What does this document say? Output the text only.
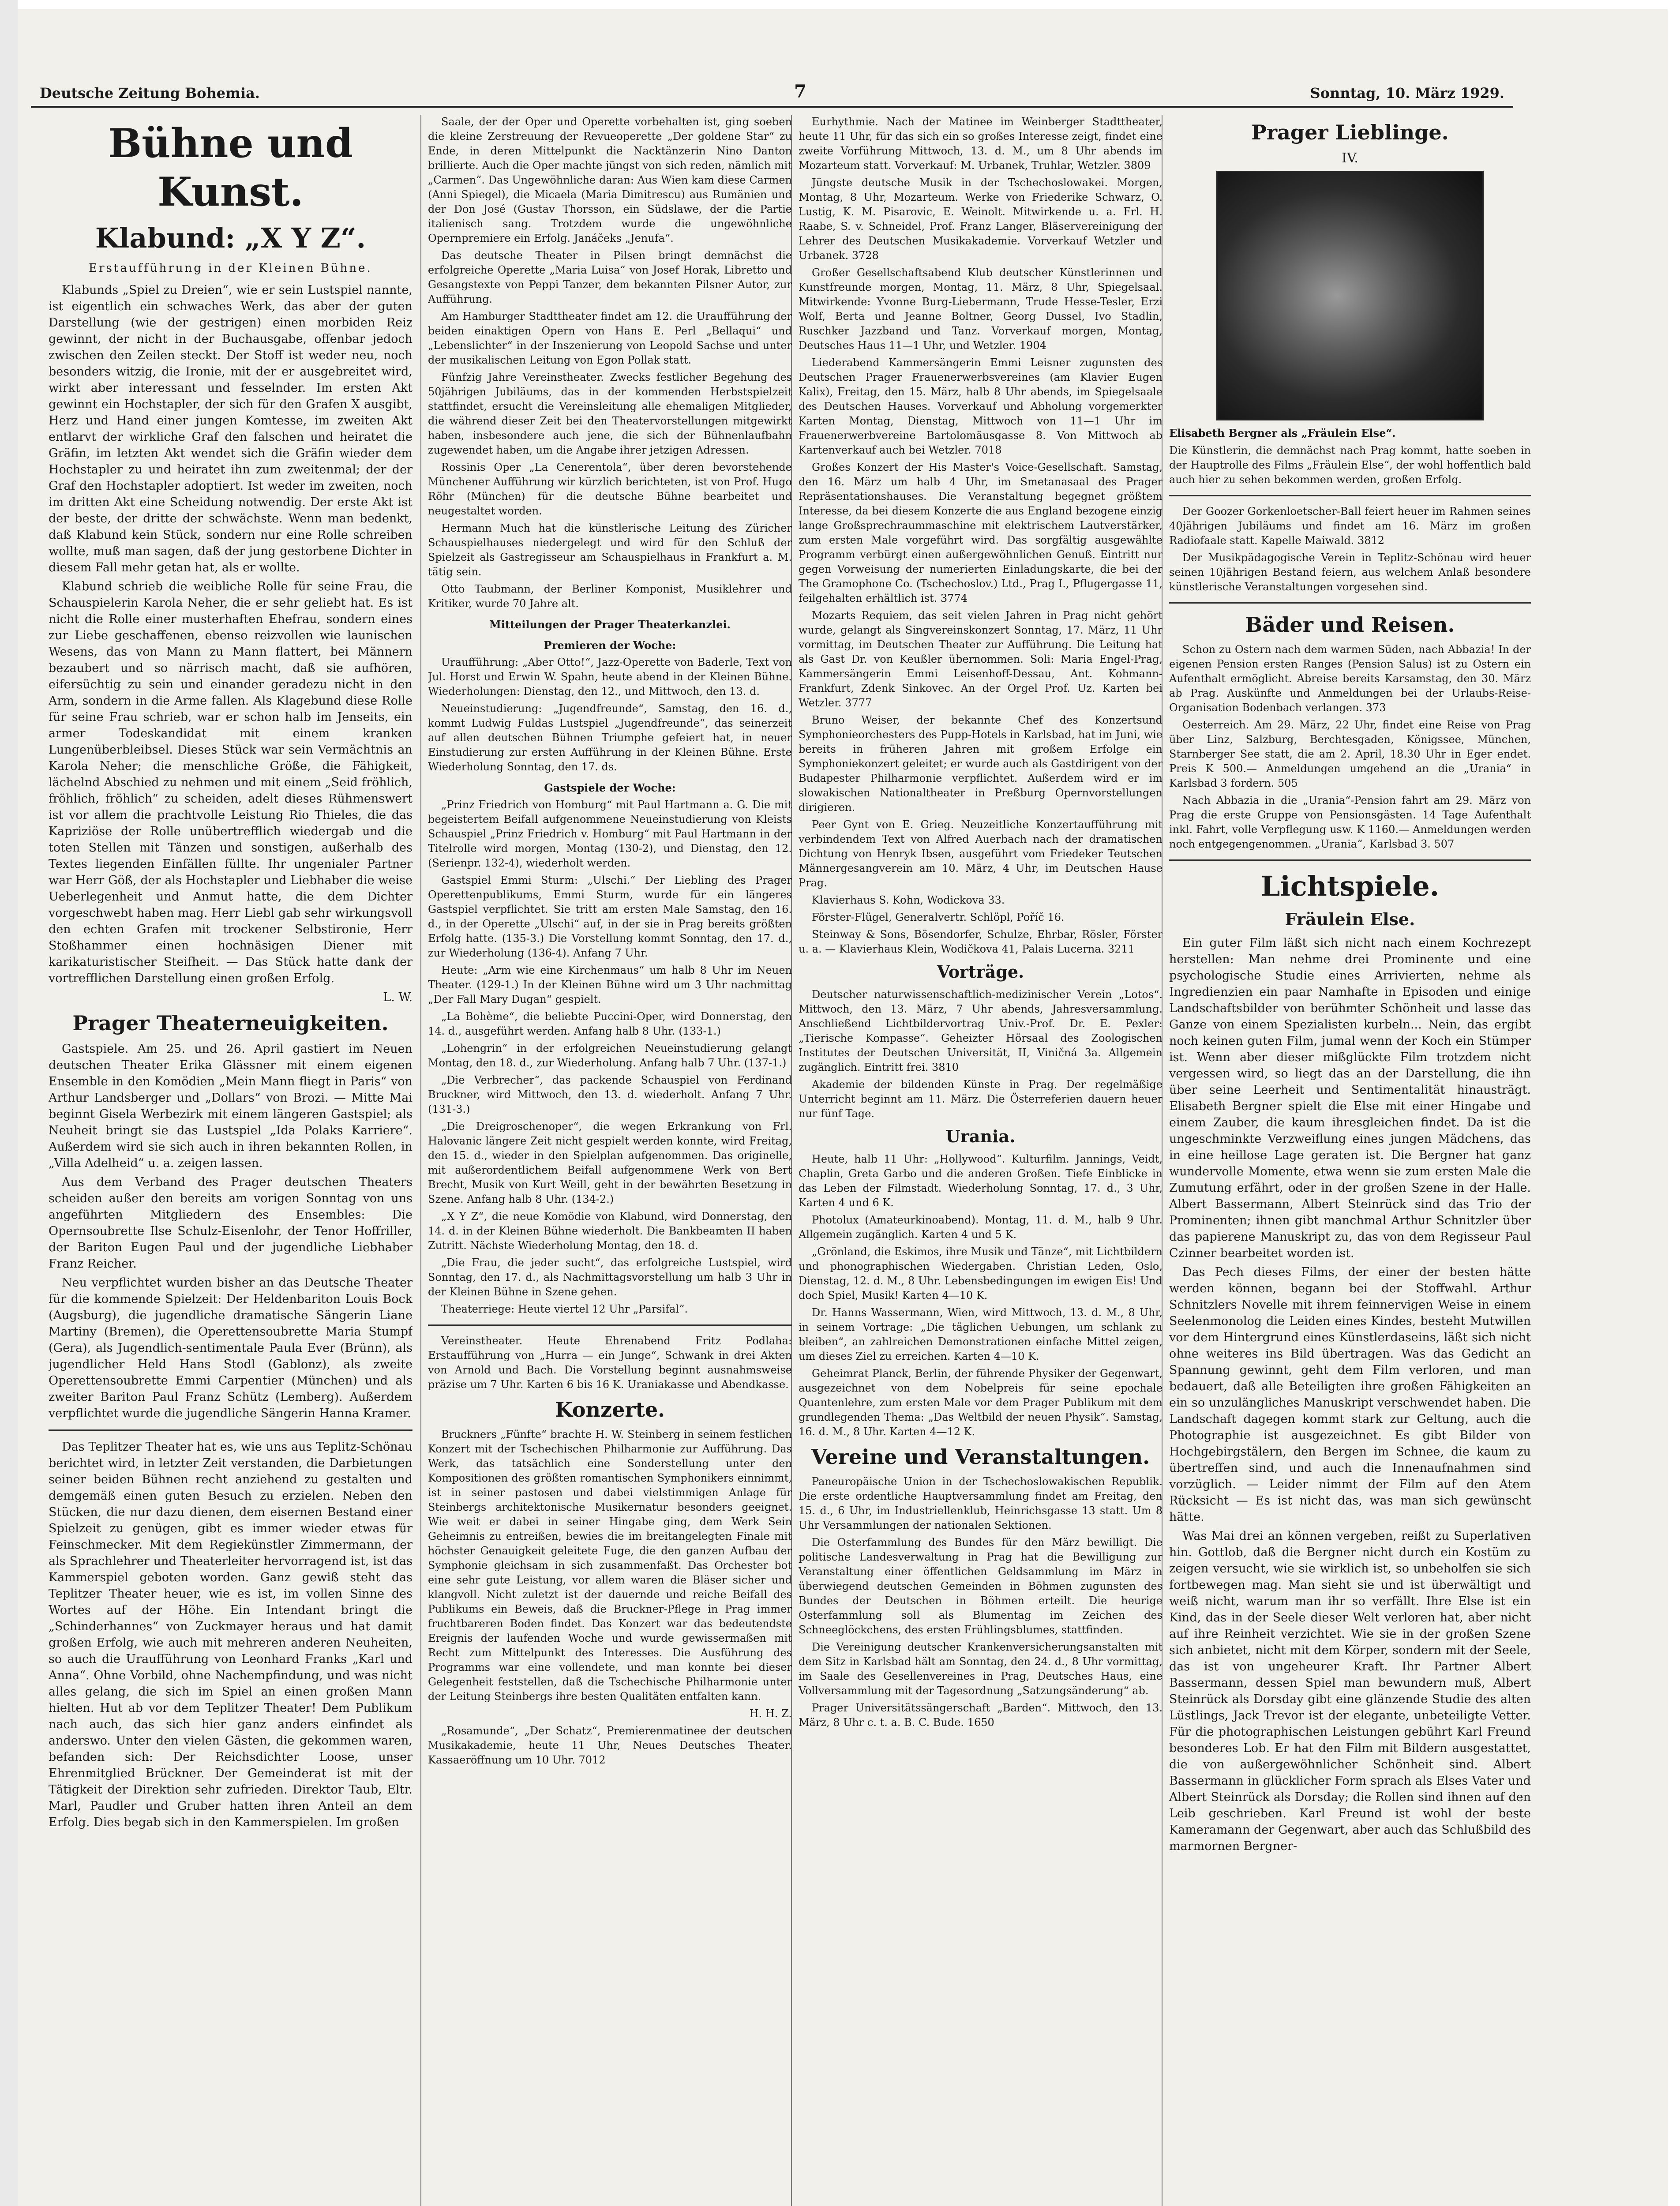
Deutsche Zeitung Bohemia.	7	Sonntag, 10. März 1929.
Bühne und Kunst.
Klabund: „X Y Z“.

Erstaufführung in der Kleinen Bühne.

Klabunds „Spiel zu Dreien“, wie er sein Lustspiel nannte, ist eigentlich ein schwaches Werk, das aber der guten Darstellung (wie der gestrigen) einen morbiden Reiz gewinnt, der nicht in der Buchausgabe, offenbar jedoch zwischen den Zeilen steckt. Der Stoff ist weder neu, noch besonders witzig, die Ironie, mit der er ausgebreitet wird, wirkt aber interessant und fesselnder. Im ersten Akt gewinnt ein Hochstapler, der sich für den Grafen X ausgibt, Herz und Hand einer jungen Komtesse, im zweiten Akt entlarvt der wirkliche Graf den falschen und heiratet die Gräfin, im letzten Akt wendet sich die Gräfin wieder dem Hochstapler zu und heiratet ihn zum zweitenmal; der der Graf den Hochstapler adoptiert. Ist weder im zweiten, noch im dritten Akt eine Scheidung notwendig. Der erste Akt ist der beste, der dritte der schwächste. Wenn man bedenkt, daß Klabund kein Stück, sondern nur eine Rolle schreiben wollte, muß man sagen, daß der jung gestorbene Dichter in diesem Fall mehr getan hat, als er wollte.

Klabund schrieb die weibliche Rolle für seine Frau, die Schauspielerin Karola Neher, die er sehr geliebt hat. Es ist nicht die Rolle einer musterhaften Ehefrau, sondern eines zur Liebe geschaffenen, ebenso reizvollen wie launischen Wesens, das von Mann zu Mann flattert, bei Männern bezaubert und so närrisch macht, daß sie aufhören, eifersüchtig zu sein und einander geradezu nicht in den Arm, sondern in die Arme fallen. Als Klagebund diese Rolle für seine Frau schrieb, war er schon halb im Jenseits, ein armer Todeskandidat mit einem kranken Lungenüberbleibsel. Dieses Stück war sein Vermächtnis an Karola Neher; die menschliche Größe, die Fähigkeit, lächelnd Abschied zu nehmen und mit einem „Seid fröhlich, fröhlich, fröhlich“ zu scheiden, adelt dieses Rühmenswert ist vor allem die prachtvolle Leistung Rio Thieles, die das Kapriziöse der Rolle unübertrefflich wiedergab und die toten Stellen mit Tänzen und sonstigen, außerhalb des Textes liegenden Einfällen füllte. Ihr ungenialer Partner war Herr Göß, der als Hochstapler und Liebhaber die weise Ueberlegenheit und Anmut hatte, die dem Dichter vorgeschwebt haben mag. Herr Liebl gab sehr wirkungsvoll den echten Grafen mit trockener Selbstironie, Herr Stoßhammer einen hochnäsigen Diener mit karikaturistischer Steifheit. — Das Stück hatte dank der vortrefflichen Darstellung einen großen Erfolg.

L. W.

Prager Theaterneuigkeiten.

Gastspiele. Am 25. und 26. April gastiert im Neuen deutschen Theater Erika Glässner mit einem eigenen Ensemble in den Komödien „Mein Mann fliegt in Paris“ von Arthur Landsberger und „Dollars“ von Brozi. — Mitte Mai beginnt Gisela Werbezirk mit einem längeren Gastspiel; als Neuheit bringt sie das Lustspiel „Ida Polaks Karriere“. Außerdem wird sie sich auch in ihren bekannten Rollen, in „Villa Adelheid“ u. a. zeigen lassen.

Aus dem Verband des Prager deutschen Theaters scheiden außer den bereits am vorigen Sonntag von uns angeführten Mitgliedern des Ensembles: Die Opernsoubrette Ilse Schulz-Eisenlohr, der Tenor Hoffriller, der Bariton Eugen Paul und der jugendliche Liebhaber Franz Reicher.

Neu verpflichtet wurden bisher an das Deutsche Theater für die kommende Spielzeit: Der Heldenbariton Louis Bock (Augsburg), die jugendliche dramatische Sängerin Liane Martiny (Bremen), die Operettensoubrette Maria Stumpf (Gera), als Jugendlich-sentimentale Paula Ever (Brünn), als jugendlicher Held Hans Stodl (Gablonz), als zweite Operettensoubrette Emmi Carpentier (München) und als zweiter Bariton Paul Franz Schütz (Lemberg). Außerdem verpflichtet wurde die jugendliche Sängerin Hanna Kramer.

Das Teplitzer Theater hat es, wie uns aus Teplitz-Schönau berichtet wird, in letzter Zeit verstanden, die Darbietungen seiner beiden Bühnen recht anziehend zu gestalten und demgemäß einen guten Besuch zu erzielen. Neben den Stücken, die nur dazu dienen, dem eisernen Bestand einer Spielzeit zu genügen, gibt es immer wieder etwas für Feinschmecker. Mit dem Regiekünstler Zimmermann, der als Sprachlehrer und Theaterleiter hervorragend ist, ist das Kammerspiel geboten worden. Ganz gewiß steht das Teplitzer Theater heuer, wie es ist, im vollen Sinne des Wortes auf der Höhe. Ein Intendant bringt die „Schinderhannes“ von Zuckmayer heraus und hat damit großen Erfolg, wie auch mit mehreren anderen Neuheiten, so auch die Uraufführung von Leonhard Franks „Karl und Anna“. Ohne Vorbild, ohne Nachempfindung, und was nicht alles gelang, die sich im Spiel an einen großen Mann hielten. Hut ab vor dem Teplitzer Theater! Dem Publikum nach auch, das sich hier ganz anders einfindet als anderswo. Unter den vielen Gästen, die gekommen waren, befanden sich: Der Reichsdichter Loose, unser Ehrenmitglied Brückner. Der Gemeinderat ist mit der Tätigkeit der Direktion sehr zufrieden. Direktor Taub, Eltr. Marl, Paudler und Gruber hatten ihren Anteil an dem Erfolg. Dies begab sich in den Kammerspielen. Im großen

Saale, der der Oper und Operette vorbehalten ist, ging soeben die kleine Zerstreuung der Revueoperette „Der goldene Star“ zu Ende, in deren Mittelpunkt die Nacktänzerin Nino Danton brillierte. Auch die Oper machte jüngst von sich reden, nämlich mit „Carmen“. Das Ungewöhnliche daran: Aus Wien kam diese Carmen (Anni Spiegel), die Micaela (Maria Dimitrescu) aus Rumänien und der Don José (Gustav Thorsson, ein Südslawe, der die Partie italienisch sang. Trotzdem wurde die ungewöhnliche Opernpremiere ein Erfolg. Janáčeks „Jenufa“.

Das deutsche Theater in Pilsen bringt demnächst die erfolgreiche Operette „Maria Luisa“ von Josef Horak, Libretto und Gesangstexte von Peppi Tanzer, dem bekannten Pilsner Autor, zur Aufführung.

Am Hamburger Stadttheater findet am 12. die Uraufführung der beiden einaktigen Opern von Hans E. Perl „Bellaqui“ und „Lebenslichter“ in der Inszenierung von Leopold Sachse und unter der musikalischen Leitung von Egon Pollak statt.

Fünfzig Jahre Vereinstheater. Zwecks festlicher Begehung des 50jährigen Jubiläums, das in der kommenden Herbstspielzeit stattfindet, ersucht die Vereinsleitung alle ehemaligen Mitglieder, die während dieser Zeit bei den Theatervorstellungen mitgewirkt haben, insbesondere auch jene, die sich der Bühnenlaufbahn zugewendet haben, um die Angabe ihrer jetzigen Adressen.

Rossinis Oper „La Cenerentola“, über deren bevorstehende Münchener Aufführung wir kürzlich berichteten, ist von Prof. Hugo Röhr (München) für die deutsche Bühne bearbeitet und neugestaltet worden.

Hermann Much hat die künstlerische Leitung des Züricher Schauspielhauses niedergelegt und wird für den Schluß der Spielzeit als Gastregisseur am Schauspielhaus in Frankfurt a. M. tätig sein.

Otto Taubmann, der Berliner Komponist, Musiklehrer und Kritiker, wurde 70 Jahre alt.

Mitteilungen der Prager Theaterkanzlei.

Premieren der Woche:

Uraufführung: „Aber Otto!“, Jazz-Operette von Baderle, Text von Jul. Horst und Erwin W. Spahn, heute abend in der Kleinen Bühne. Wiederholungen: Dienstag, den 12., und Mittwoch, den 13. d.

Neueinstudierung: „Jugendfreunde“, Samstag, den 16. d., kommt Ludwig Fuldas Lustspiel „Jugendfreunde“, das seinerzeit auf allen deutschen Bühnen Triumphe gefeiert hat, in neuer Einstudierung zur ersten Aufführung in der Kleinen Bühne. Erste Wiederholung Sonntag, den 17. ds.

Gastspiele der Woche:

„Prinz Friedrich von Homburg“ mit Paul Hartmann a. G. Die mit begeistertem Beifall aufgenommene Neueinstudierung von Kleists Schauspiel „Prinz Friedrich v. Homburg“ mit Paul Hartmann in der Titelrolle wird morgen, Montag (130-2), und Dienstag, den 12. (Serienpr. 132-4), wiederholt werden.

Gastspiel Emmi Sturm: „Ulschi.“ Der Liebling des Prager Operettenpublikums, Emmi Sturm, wurde für ein längeres Gastspiel verpflichtet. Sie tritt am ersten Male Samstag, den 16. d., in der Operette „Ulschi“ auf, in der sie in Prag bereits größten Erfolg hatte. (135-3.) Die Vorstellung kommt Sonntag, den 17. d., zur Wiederholung (136-4). Anfang 7 Uhr.

Heute: „Arm wie eine Kirchenmaus“ um halb 8 Uhr im Neuen Theater. (129-1.) In der Kleinen Bühne wird um 3 Uhr nachmittag „Der Fall Mary Dugan“ gespielt.

„La Bohème“, die beliebte Puccini-Oper, wird Donnerstag, den 14. d., ausgeführt werden. Anfang halb 8 Uhr. (133-1.)

„Lohengrin“ in der erfolgreichen Neueinstudierung gelangt Montag, den 18. d., zur Wiederholung. Anfang halb 7 Uhr. (137-1.)

„Die Verbrecher“, das packende Schauspiel von Ferdinand Bruckner, wird Mittwoch, den 13. d. wiederholt. Anfang 7 Uhr. (131-3.)

„Die Dreigroschenoper“, die wegen Erkrankung von Frl. Halovanic längere Zeit nicht gespielt werden konnte, wird Freitag, den 15. d., wieder in den Spielplan aufgenommen. Das originelle, mit außerordentlichem Beifall aufgenommene Werk von Bert Brecht, Musik von Kurt Weill, geht in der bewährten Besetzung in Szene. Anfang halb 8 Uhr. (134-2.)

„X Y Z“, die neue Komödie von Klabund, wird Donnerstag, den 14. d. in der Kleinen Bühne wiederholt. Die Bankbeamten II haben Zutritt. Nächste Wiederholung Montag, den 18. d.

„Die Frau, die jeder sucht“, das erfolgreiche Lustspiel, wird Sonntag, den 17. d., als Nachmittagsvorstellung um halb 3 Uhr in der Kleinen Bühne in Szene gehen.

Theaterriege: Heute viertel 12 Uhr „Parsifal“.

Vereinstheater. Heute Ehrenabend Fritz Podlaha: Erstaufführung von „Hurra — ein Junge“, Schwank in drei Akten von Arnold und Bach. Die Vorstellung beginnt ausnahmsweise präzise um 7 Uhr. Karten 6 bis 16 K. Uraniakasse und Abendkasse.

Konzerte.

Bruckners „Fünfte“ brachte H. W. Steinberg in seinem festlichen Konzert mit der Tschechischen Philharmonie zur Aufführung. Das Werk, das tatsächlich eine Sonderstellung unter den Kompositionen des größten romantischen Symphonikers einnimmt, ist in seiner pastosen und dabei vielstimmigen Anlage für Steinbergs architektonische Musikernatur besonders geeignet. Wie weit er dabei in seiner Hingabe ging, dem Werk Sein Geheimnis zu entreißen, bewies die im breitangelegten Finale mit höchster Genauigkeit geleitete Fuge, die den ganzen Aufbau der Symphonie gleichsam in sich zusammenfaßt. Das Orchester bot eine sehr gute Leistung, vor allem waren die Bläser sicher und klangvoll. Nicht zuletzt ist der dauernde und reiche Beifall des Publikums ein Beweis, daß die Bruckner-Pflege in Prag immer fruchtbareren Boden findet. Das Konzert war das bedeutendste Ereignis der laufenden Woche und wurde gewissermaßen mit Recht zum Mittelpunkt des Interesses. Die Ausführung des Programms war eine vollendete, und man konnte bei dieser Gelegenheit feststellen, daß die Tschechische Philharmonie unter der Leitung Steinbergs ihre besten Qualitäten entfalten kann.

H. H. Z.

„Rosamunde“, „Der Schatz“, Premierenmatinee der deutschen Musikakademie, heute 11 Uhr, Neues Deutsches Theater. Kassaeröffnung um 10 Uhr. 7012

Eurhythmie. Nach der Matinee im Weinberger Stadttheater, heute 11 Uhr, für das sich ein so großes Interesse zeigt, findet eine zweite Vorführung Mittwoch, 13. d. M., um 8 Uhr abends im Mozarteum statt. Vorverkauf: M. Urbanek, Truhlar, Wetzler. 3809

Jüngste deutsche Musik in der Tschechoslowakei. Morgen, Montag, 8 Uhr, Mozarteum. Werke von Friederike Schwarz, O. Lustig, K. M. Pisarovic, E. Weinolt. Mitwirkende u. a. Frl. H. Raabe, S. v. Schneidel, Prof. Franz Langer, Bläservereinigung der Lehrer des Deutschen Musikakademie. Vorverkauf Wetzler und Urbanek. 3728

Großer Gesellschaftsabend Klub deutscher Künstlerinnen und Kunstfreunde morgen, Montag, 11. März, 8 Uhr, Spiegelsaal. Mitwirkende: Yvonne Burg-Liebermann, Trude Hesse-Tesler, Erzi Wolf, Berta und Jeanne Boltner, Georg Dussel, Ivo Stadlin, Ruschker Jazzband und Tanz. Vorverkauf morgen, Montag, Deutsches Haus 11—1 Uhr, und Wetzler. 1904

Liederabend Kammersängerin Emmi Leisner zugunsten des Deutschen Prager Frauenerwerbsvereines (am Klavier Eugen Kalix), Freitag, den 15. März, halb 8 Uhr abends, im Spiegelsaale des Deutschen Hauses. Vorverkauf und Abholung vorgemerkter Karten Montag, Dienstag, Mittwoch von 11—1 Uhr im Frauenerwerbvereine Bartolomäusgasse 8. Von Mittwoch ab Kartenverkauf auch bei Wetzler. 7018

Großes Konzert der His Master's Voice-Gesellschaft. Samstag, den 16. März um halb 4 Uhr, im Smetanasaal des Prager Repräsentationshauses. Die Veranstaltung begegnet größtem Interesse, da bei diesem Konzerte die aus England bezogene einzig lange Großsprechraummaschine mit elektrischem Lautverstärker, zum ersten Male vorgeführt wird. Das sorgfältig ausgewählte Programm verbürgt einen außergewöhnlichen Genuß. Eintritt nur gegen Vorweisung der numerierten Einladungskarte, die bei der The Gramophone Co. (Tschechoslov.) Ltd., Prag I., Pflugergasse 11, feilgehalten erhältlich ist. 3774

Mozarts Requiem, das seit vielen Jahren in Prag nicht gehört wurde, gelangt als Singvereinskonzert Sonntag, 17. März, 11 Uhr vormittag, im Deutschen Theater zur Aufführung. Die Leitung hat als Gast Dr. von Keußler übernommen. Soli: Maria Engel-Prag, Kammersängerin Emmi Leisenhoff-Dessau, Ant. Kohmann-Frankfurt, Zdenk Sinkovec. An der Orgel Prof. Uz. Karten bei Wetzler. 3777

Bruno Weiser, der bekannte Chef des Konzertsund Symphonieorchesters des Pupp-Hotels in Karlsbad, hat im Juni, wie bereits in früheren Jahren mit großem Erfolge ein Symphoniekonzert geleitet; er wurde auch als Gastdirigent von der Budapester Philharmonie verpflichtet. Außerdem wird er im slowakischen Nationaltheater in Preßburg Opernvorstellungen dirigieren.

Peer Gynt von E. Grieg. Neuzeitliche Konzertaufführung mit verbindendem Text von Alfred Auerbach nach der dramatischen Dichtung von Henryk Ibsen, ausgeführt vom Friedeker Teutschen Männergesangverein am 10. März, 4 Uhr, im Deutschen Hause Prag.

Klavierhaus S. Kohn, Wodickova 33.

Förster-Flügel, Generalvertr. Schlöpl, Poříč 16.

Steinway & Sons, Bösendorfer, Schulze, Ehrbar, Rösler, Förster u. a. — Klavierhaus Klein, Wodičkova 41, Palais Lucerna. 3211

Vorträge.

Deutscher naturwissenschaftlich-medizinischer Verein „Lotos“. Mittwoch, den 13. März, 7 Uhr abends, Jahresversammlung. Anschließend Lichtbildervortrag Univ.-Prof. Dr. E. Pexler: „Tierische Kompasse“. Geheizter Hörsaal des Zoologischen Institutes der Deutschen Universität, II, Viničná 3a. Allgemein zugänglich. Eintritt frei. 3810

Akademie der bildenden Künste in Prag. Der regelmäßige Unterricht beginnt am 11. März. Die Österreferien dauern heuer nur fünf Tage.

Urania.

Heute, halb 11 Uhr: „Hollywood“. Kulturfilm. Jannings, Veidt, Chaplin, Greta Garbo und die anderen Großen. Tiefe Einblicke in das Leben der Filmstadt. Wiederholung Sonntag, 17. d., 3 Uhr, Karten 4 und 6 K.

Photolux (Amateurkinoabend). Montag, 11. d. M., halb 9 Uhr. Allgemein zugänglich. Karten 4 und 5 K.

„Grönland, die Eskimos, ihre Musik und Tänze“, mit Lichtbildern und phonographischen Wiedergaben. Christian Leden, Oslo, Dienstag, 12. d. M., 8 Uhr. Lebensbedingungen im ewigen Eis! Und doch Spiel, Musik! Karten 4—10 K.

Dr. Hanns Wassermann, Wien, wird Mittwoch, 13. d. M., 8 Uhr, in seinem Vortrage: „Die täglichen Uebungen, um schlank zu bleiben“, an zahlreichen Demonstrationen einfache Mittel zeigen, um dieses Ziel zu erreichen. Karten 4—10 K.

Geheimrat Planck, Berlin, der führende Physiker der Gegenwart, ausgezeichnet von dem Nobelpreis für seine epochale Quantenlehre, zum ersten Male vor dem Prager Publikum mit dem grundlegenden Thema: „Das Weltbild der neuen Physik“. Samstag, 16. d. M., 8 Uhr. Karten 4—12 K.

Vereine und Veranstaltungen.

Paneuropäische Union in der Tschechoslowakischen Republik. Die erste ordentliche Hauptversammlung findet am Freitag, den 15. d., 6 Uhr, im Industriellenklub, Heinrichsgasse 13 statt. Um 8 Uhr Versammlungen der nationalen Sektionen.

Die Osterfammlung des Bundes für den März bewilligt. Die politische Landesverwaltung in Prag hat die Bewilligung zur Veranstaltung einer öffentlichen Geldsammlung im März in überwiegend deutschen Gemeinden in Böhmen zugunsten des Bundes der Deutschen in Böhmen erteilt. Die heurige Osterfammlung soll als Blumentag im Zeichen des Schneeglöckchens, des ersten Frühlingsblumes, stattfinden.

Die Vereinigung deutscher Krankenversicherungsanstalten mit dem Sitz in Karlsbad hält am Sonntag, den 24. d., 8 Uhr vormittag, im Saale des Gesellenvereines in Prag, Deutsches Haus, eine Vollversammlung mit der Tagesordnung „Satzungsänderung“ ab.

Prager Universitätssängerschaft „Barden“. Mittwoch, den 13. März, 8 Uhr c. t. a. B. C. Bude. 1650

Prager Lieblinge.

IV.

Elisabeth Bergner als „Fräulein Else“.

Die Künstlerin, die demnächst nach Prag kommt, hatte soeben in der Hauptrolle des Films „Fräulein Else“, der wohl hoffentlich bald auch hier zu sehen bekommen werden, großen Erfolg.

Der Goozer Gorkenloetscher-Ball feiert heuer im Rahmen seines 40jährigen Jubiläums und findet am 16. März im großen Radiofaale statt. Kapelle Maiwald. 3812

Der Musikpädagogische Verein in Teplitz-Schönau wird heuer seinen 10jährigen Bestand feiern, aus welchem Anlaß besondere künstlerische Veranstaltungen vorgesehen sind.

Bäder und Reisen.

Schon zu Ostern nach dem warmen Süden, nach Abbazia! In der eigenen Pension ersten Ranges (Pension Salus) ist zu Ostern ein Aufenthalt ermöglicht. Abreise bereits Karsamstag, den 30. März ab Prag. Auskünfte und Anmeldungen bei der Urlaubs-Reise-Organisation Bodenbach verlangen. 373

Oesterreich. Am 29. März, 22 Uhr, findet eine Reise von Prag über Linz, Salzburg, Berchtesgaden, Königssee, München, Starnberger See statt, die am 2. April, 18.30 Uhr in Eger endet. Preis K 500.— Anmeldungen umgehend an die „Urania“ in Karlsbad 3 fordern. 505

Nach Abbazia in die „Urania“-Pension fahrt am 29. März von Prag die erste Gruppe von Pensionsgästen. 14 Tage Aufenthalt inkl. Fahrt, volle Verpflegung usw. K 1160.— Anmeldungen werden noch entgegengenommen. „Urania“, Karlsbad 3. 507

Lichtspiele.
Fräulein Else.

Ein guter Film läßt sich nicht nach einem Kochrezept herstellen: Man nehme drei Prominente und eine psychologische Studie eines Arrivierten, nehme als Ingredienzien ein paar Namhafte in Episoden und einige Landschaftsbilder von berühmter Schönheit und lasse das Ganze von einem Spezialisten kurbeln... Nein, das ergibt noch keinen guten Film, jumal wenn der Koch ein Stümper ist. Wenn aber dieser mißglückte Film trotzdem nicht vergessen wird, so liegt das an der Darstellung, die ihn über seine Leerheit und Sentimentalität hinausträgt. Elisabeth Bergner spielt die Else mit einer Hingabe und einem Zauber, die kaum ihresgleichen findet. Da ist die ungeschminkte Verzweiflung eines jungen Mädchens, das in eine heillose Lage geraten ist. Die Bergner hat ganz wundervolle Momente, etwa wenn sie zum ersten Male die Zumutung erfährt, oder in der großen Szene in der Halle. Albert Bassermann, Albert Steinrück sind das Trio der Prominenten; ihnen gibt manchmal Arthur Schnitzler über das papierene Manuskript zu, das von dem Regisseur Paul Czinner bearbeitet worden ist.

Das Pech dieses Films, der einer der besten hätte werden können, begann bei der Stoffwahl. Arthur Schnitzlers Novelle mit ihrem feinnervigen Weise in einem Seelenmonolog die Leiden eines Kindes, besteht Mutwillen vor dem Hintergrund eines Künstlerdaseins, läßt sich nicht ohne weiteres ins Bild übertragen. Was das Gedicht an Spannung gewinnt, geht dem Film verloren, und man bedauert, daß alle Beteiligten ihre großen Fähigkeiten an ein so unzulängliches Manuskript verschwendet haben. Die Landschaft dagegen kommt stark zur Geltung, auch die Photographie ist ausgezeichnet. Es gibt Bilder von Hochgebirgstälern, den Bergen im Schnee, die kaum zu übertreffen sind, und auch die Innenaufnahmen sind vorzüglich. — Leider nimmt der Film auf den Atem Rücksicht — Es ist nicht das, was man sich gewünscht hätte.

Was Mai drei an können vergeben, reißt zu Superlativen hin. Gottlob, daß die Bergner nicht durch ein Kostüm zu zeigen versucht, wie sie wirklich ist, so unbeholfen sie sich fortbewegen mag. Man sieht sie und ist überwältigt und weiß nicht, warum man ihr so verfällt. Ihre Else ist ein Kind, das in der Seele dieser Welt verloren hat, aber nicht auf ihre Reinheit verzichtet. Wie sie in der großen Szene sich anbietet, nicht mit dem Körper, sondern mit der Seele, das ist von ungeheurer Kraft. Ihr Partner Albert Bassermann, dessen Spiel man bewundern muß, Albert Steinrück als Dorsday gibt eine glänzende Studie des alten Lüstlings, Jack Trevor ist der elegante, unbeteiligte Vetter. Für die photographischen Leistungen gebührt Karl Freund besonderes Lob. Er hat den Film mit Bildern ausgestattet, die von außergewöhnlicher Schönheit sind. Albert Bassermann in glücklicher Form sprach als Elses Vater und Albert Steinrück als Dorsday; die Rollen sind ihnen auf den Leib geschrieben. Karl Freund ist wohl der beste Kameramann der Gegenwart, aber auch das Schlußbild des marmornen Bergner-
